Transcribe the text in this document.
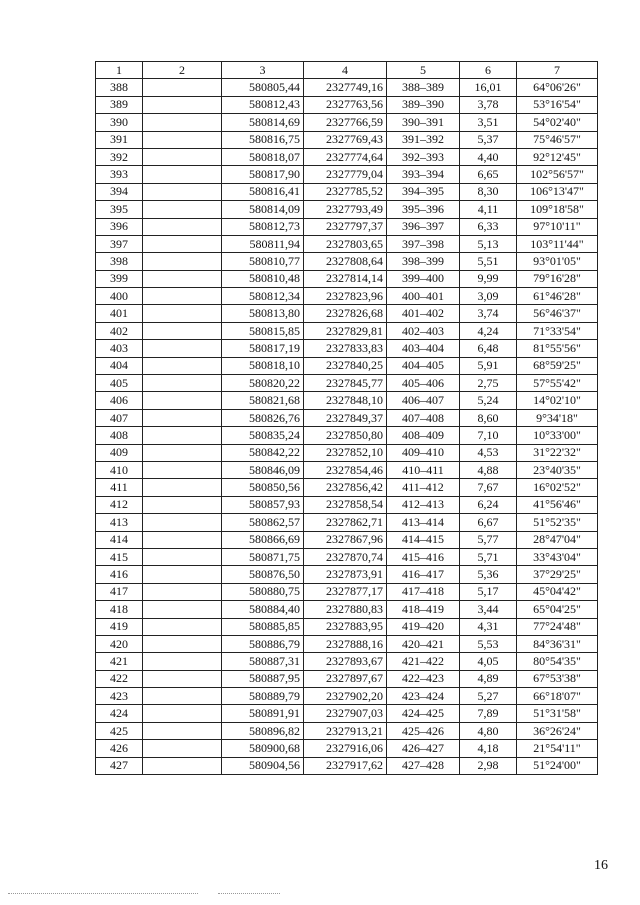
1	2	3	4	5	6	7
388		580805,44	2327749,16	388–389	16,01	64°06'26"
389		580812,43	2327763,56	389–390	3,78	53°16'54"
390		580814,69	2327766,59	390–391	3,51	54°02'40"
391		580816,75	2327769,43	391–392	5,37	75°46'57"
392		580818,07	2327774,64	392–393	4,40	92°12'45"
393		580817,90	2327779,04	393–394	6,65	102°56'57"
394		580816,41	2327785,52	394–395	8,30	106°13'47"
395		580814,09	2327793,49	395–396	4,11	109°18'58"
396		580812,73	2327797,37	396–397	6,33	97°10'11"
397		580811,94	2327803,65	397–398	5,13	103°11'44"
398		580810,77	2327808,64	398–399	5,51	93°01'05"
399		580810,48	2327814,14	399–400	9,99	79°16'28"
400		580812,34	2327823,96	400–401	3,09	61°46'28"
401		580813,80	2327826,68	401–402	3,74	56°46'37"
402		580815,85	2327829,81	402–403	4,24	71°33'54"
403		580817,19	2327833,83	403–404	6,48	81°55'56"
404		580818,10	2327840,25	404–405	5,91	68°59'25"
405		580820,22	2327845,77	405–406	2,75	57°55'42"
406		580821,68	2327848,10	406–407	5,24	14°02'10"
407		580826,76	2327849,37	407–408	8,60	9°34'18"
408		580835,24	2327850,80	408–409	7,10	10°33'00"
409		580842,22	2327852,10	409–410	4,53	31°22'32"
410		580846,09	2327854,46	410–411	4,88	23°40'35"
411		580850,56	2327856,42	411–412	7,67	16°02'52"
412		580857,93	2327858,54	412–413	6,24	41°56'46"
413		580862,57	2327862,71	413–414	6,67	51°52'35"
414		580866,69	2327867,96	414–415	5,77	28°47'04"
415		580871,75	2327870,74	415–416	5,71	33°43'04"
416		580876,50	2327873,91	416–417	5,36	37°29'25"
417		580880,75	2327877,17	417–418	5,17	45°04'42"
418		580884,40	2327880,83	418–419	3,44	65°04'25"
419		580885,85	2327883,95	419–420	4,31	77°24'48"
420		580886,79	2327888,16	420–421	5,53	84°36'31"
421		580887,31	2327893,67	421–422	4,05	80°54'35"
422		580887,95	2327897,67	422–423	4,89	67°53'38"
423		580889,79	2327902,20	423–424	5,27	66°18'07"
424		580891,91	2327907,03	424–425	7,89	51°31'58"
425		580896,82	2327913,21	425–426	4,80	36°26'24"
426		580900,68	2327916,06	426–427	4,18	21°54'11"
427		580904,56	2327917,62	427–428	2,98	51°24'00"
16
